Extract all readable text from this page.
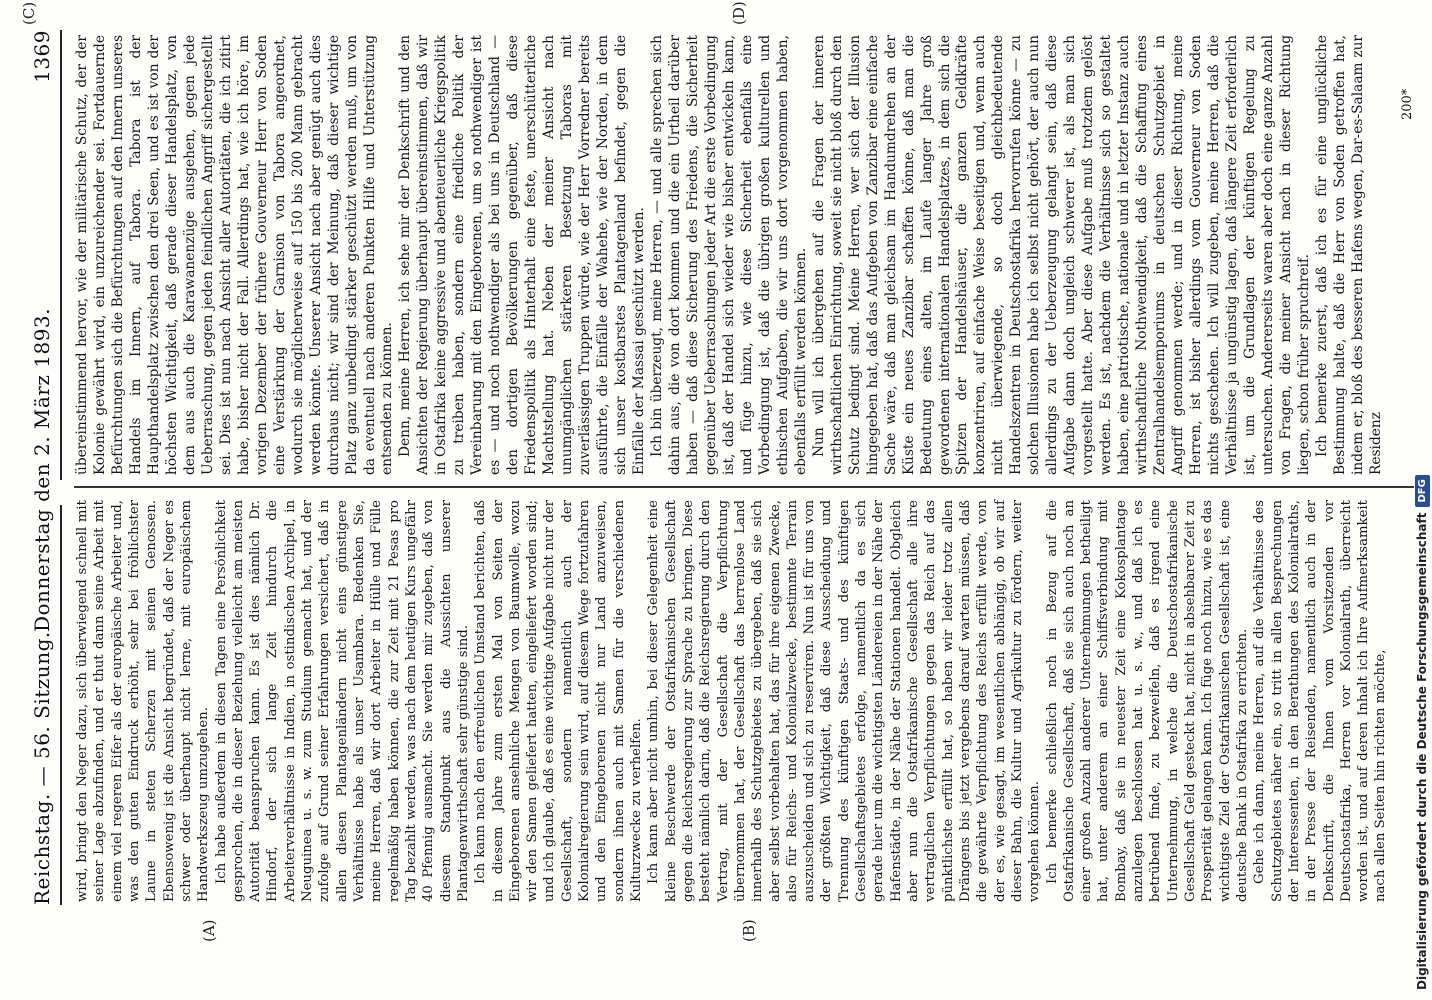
Reichstag. — 56. Sitzung.
Donnerstag den 2. März 1893.
1369
(A)	(B)
(C)	(D)

wird, bringt den Neger dazu, sich überwiegend schnell mit seiner Lage abzufinden, und er thut dann seine Arbeit mit einem viel regeren Eifer als der europäische Arbeiter und, was den guten Eindruck erhöht, sehr bei fröhlichster Laune in steten Scherzen mit seinen Genossen. Ebensowenig ist die Ansicht begründet, daß der Neger es schwer oder überhaupt nicht lerne, mit europäischem Handwerkszeug umzugehen. Ich habe außerdem in diesen Tagen eine Persönlichkeit gesprochen, die in dieser Beziehung vielleicht am meisten Autorität beanspruchen kann. Es ist dies nämlich Dr. Hindorf, der sich lange Zeit hindurch die Arbeiterverhältnisse in Indien, in ostindischen Archipel, in Neuguinea u. s. w. zum Studium gemacht hat, und der zufolge auf Grund seiner Erfahrungen versichert, daß in allen diesen Plantagenländern nicht eins günstigere Verhältnisse habe als unser Usambara. Bedenken Sie, meine Herren, daß wir dort Arbeiter in Hülle und Fülle regelmäßig haben können, die zur Zeit mit 21 Pesas pro Tag bezahlt werden, was nach dem heutigen Kurs ungefähr 40 Pfennig ausmacht. Sie werden mir zugeben, daß von diesem Standpunkt aus die Aussichten unserer Plantagenwirthschaft sehr günstige sind. Ich kann nach den erfreulichen Umstand berichten, daß in diesem Jahre zum ersten Mal von Seiten der Eingeborenen ansehnliche Mengen von Baumwolle, wozu wir den Samen geliefert hatten, eingeliefert worden sind; und ich glaube, daß es eine wichtige Aufgabe nicht nur der Gesellschaft, sondern namentlich auch der Kolonialregierung sein wird, auf diesem Wege fortzufahren und den Eingeborenen nicht nur Land anzuweisen, sondern ihnen auch mit Samen für die verschiedenen Kulturzwecke zu verhelfen. Ich kann aber nicht umhin, bei dieser Gelegenheit eine kleine Beschwerde der Ostafrikanischen Gesellschaft gegen die Reichsregierung zur Sprache zu bringen. Diese besteht nämlich darin, daß die Reichsregierung durch den Vertrag, mit der Gesellschaft die Verpflichtung übernommen hat, der Gesellschaft das herrenlose Land innerhalb des Schutzgebietes zu übergeben, daß sie sich aber selbst vorbehalten hat, das für ihre eigenen Zwecke, also für Reichs- und Kolonialzwecke, bestimmte Terrain auszuscheiden und sich zu reserviren. Nun ist für uns von der größten Wichtigkeit, daß diese Ausscheidung und Trennung des künftigen Staats- und des künftigen Gesellschaftsgebietes erfolge, namentlich da es sich gerade hier um die wichtigsten Ländereien in der Nähe der Hafenstädte, in der Nähe der Stationen handelt. Obgleich aber nun die Ostafrikanische Gesellschaft alle ihre vertraglichen Verpflichtungen gegen das Reich auf das pünktlichste erfüllt hat, so haben wir leider trotz allen Drängens bis jetzt vergebens darauf warten müssen, daß die gewährte Verpflichtung des Reichs erfüllt werde, von der es, wie gesagt, im wesentlichen abhängig, ob wir auf dieser Bahn, die Kultur und Agrikultur zu fördern, weiter vorgehen können. Ich bemerke schließlich noch in Bezug auf die Ostafrikanische Gesellschaft, daß sie sich auch noch an einer großen Anzahl anderer Unternehmungen betheiligt hat, unter anderem an einer Schiffsverbindung mit Bombay, daß sie in neuester Zeit eine Kokosplantage anzulegen beschlossen hat u. s. w., und daß ich es betrübend finde, zu bezweifeln, daß es irgend eine Unternehmung, in welche die Deutschostafrikanische Gesellschaft Geld gesteckt hat, nicht in absehbarer Zeit zu Prosperität gelangen kann. Ich füge noch hinzu, wie es das wichtigste Ziel der Ostafrikanischen Gesellschaft ist, eine deutsche Bank in Ostafrika zu errichten. Gehe ich dann, meine Herren, auf die Verhältnisse des Schutzgebietes näher ein, so tritt in allen Besprechungen der Interessenten, in den Berathungen des Kolonialraths, in der Presse der Reisenden, namentlich auch in der Denkschrift, die Ihnen vom Vorsitzenden vor Deutschostafrika, Herren vor Kolonialrath, überreicht worden ist, und auf deren Inhalt ich Ihre Aufmerksamkeit nach allen Seiten hin richten möchte,

übereinstimmend hervor, wie der militärische Schutz, der der Kolonie gewährt wird, ein unzureichender sei. Fortdauernde Befürchtungen sich die Befürchtungen auf den Innern unseres Handels im Innern, auf Tabora. Tabora ist der Haupthandelsplatz zwischen den drei Seen, und es ist von der höchsten Wichtigkeit, daß gerade dieser Handelsplatz, von dem aus auch die Karawanenzüge ausgehen, gegen jede Ueberraschung, gegen jeden feindlichen Angriff sichergestellt sei. Dies ist nun nach Ansicht aller Autoritäten, die ich zitirt habe, bisher nicht der Fall. Allerdings hat, wie ich höre, im vorigen Dezember der frühere Gouverneur Herr von Soden eine Verstärkung der Garnison von Tabora angeordnet, wodurch sie möglicherweise auf 150 bis 200 Mann gebracht werden könnte. Unserer Ansicht nach aber genügt auch dies durchaus nicht; wir sind der Meinung, daß dieser wichtige Platz ganz unbedingt stärker geschützt werden muß, um von da eventuell nach anderen Punkten Hilfe und Unterstützung entsenden zu können. Denn, meine Herren, ich sehe mir der Denkschrift und den Ansichten der Regierung überhaupt übereinstimmen, daß wir in Ostafrika keine aggressive und abenteuerliche Kriegspolitik zu treiben haben, sondern eine friedliche Politik der Vereinbarung mit den Eingeborenen, um so nothwendiger ist es — und noch nothwendiger als bei uns in Deutschland — den dortigen Bevölkerungen gegenüber, daß diese Friedenspolitik als Hinterhalt eine feste, unerschütterliche Machtstellung hat. Neben der meiner Ansicht nach unumgänglichen stärkeren Besetzung Taboras mit zuverlässigen Truppen würde, wie der Herr Vorredner bereits ausführte, die Einfälle der Wahehe, wie der Norden, in dem sich unser kostbarstes Plantagenland befindet, gegen die Einfälle der Massai geschützt werden. Ich bin überzeugt, meine Herren, — und alle sprechen sich dahin aus, die von dort kommen und die ein Urtheil darüber haben — daß diese Sicherung des Friedens, die Sicherheit gegenüber Ueberraschungen jeder Art die erste Vorbedingung ist, daß der Handel sich wieder wie bisher entwickeln kann, und füge hinzu, wie diese Sicherheit ebenfalls eine Vorbedingung ist, daß die übrigen großen kulturellen und ethischen Aufgaben, die wir uns dort vorgenommen haben, ebenfalls erfüllt werden können. Nun will ich übergehen auf die Fragen der inneren wirthschaftlichen Einrichtung, soweit sie nicht bloß durch den Schutz bedingt sind. Meine Herren, wer sich der Illusion hingegeben hat, daß das Aufgeben von Zanzibar eine einfache Sache wäre, daß man gleichsam im Handumdrehen an der Küste ein neues Zanzibar schaffen könne, daß man die Bedeutung eines alten, im Laufe langer Jahre groß gewordenen internationalen Handelsplatzes, in dem sich die Spitzen der Handelshäuser, die ganzen Geldkräfte konzentriren, auf einfache Weise beseitigen und, wenn auch nicht überwiegende, so doch gleichbedeutende Handelszentren in Deutschostafrika hervorrufen könne — zu solchen Illusionen habe ich selbst nicht gehört, der auch nun allerdings zu der Ueberzeugung gelangt sein, daß diese Aufgabe dann doch ungleich schwerer ist, als man sich vorgestellt hatte. Aber diese Aufgabe muß trotzdem gelöst werden. Es ist, nachdem die Verhältnisse sich so gestaltet haben, eine patriotische, nationale und in letzter Instanz auch wirthschaftliche Nothwendigkeit, daß die Schaffung eines Zentralhandelsemporiums in deutschen Schutzgebiet in Angriff genommen werde; und in dieser Richtung, meine Herren, ist bisher allerdings vom Gouverneur von Soden nichts geschehen. Ich will zugeben, meine Herren, daß die Verhältnisse ja ungünstig lagen, daß längere Zeit erforderlich ist, um die Grundlagen der künftigen Regelung zu untersuchen. Andererseits waren aber doch eine ganze Anzahl von Fragen, die meiner Ansicht nach in dieser Richtung liegen, schon früher spruchreif. Ich bemerke zuerst, daß ich es für eine unglückliche Bestimmung halte, daß die Herr von Soden getroffen hat, indem er, bloß des besseren Hafens wegen, Dar-es-Salaam zur Residenz

200*
Digitalisierung gefördert durch die Deutsche Forschungsgemeinschaft
DFG
